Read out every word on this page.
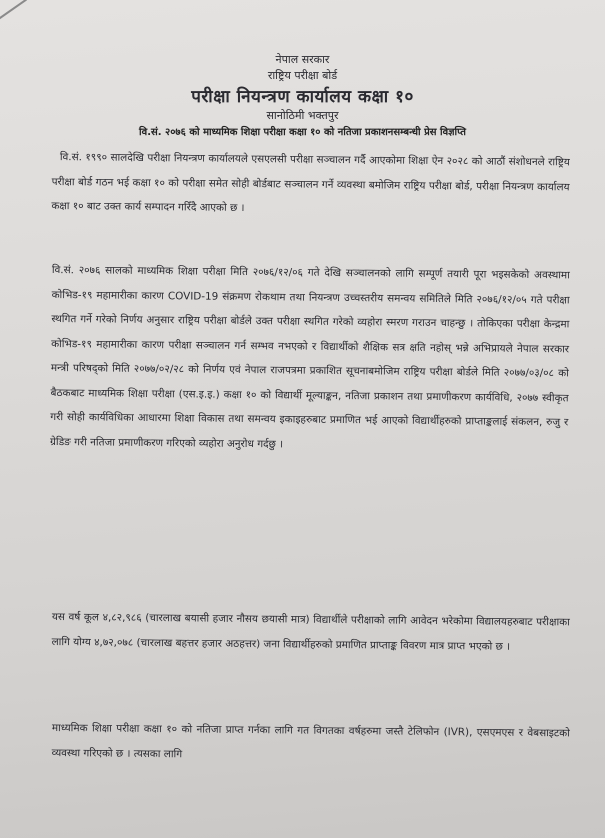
नेपाल सरकार
राष्ट्रिय परीक्षा बोर्ड
परीक्षा नियन्त्रण कार्यालय कक्षा १०
सानोठिमी भक्तपुर
वि.सं. २०७६ को माध्यमिक शिक्षा परीक्षा कक्षा १० को नतिजा प्रकाशनसम्बन्धी प्रेस विज्ञप्ति
वि.सं. १९९० सालदेखि परीक्षा नियन्त्रण कार्यालयले एसएलसी परीक्षा सञ्चालन गर्दै आएकोमा शिक्षा ऐन २०२८ को आठौं संशोधनले राष्ट्रिय परीक्षा बोर्ड गठन भई कक्षा १० को परीक्षा समेत सोही बोर्डबाट सञ्चालन गर्ने व्यवस्था बमोजिम राष्ट्रिय परीक्षा बोर्ड, परीक्षा नियन्त्रण कार्यालय कक्षा १० बाट उक्त कार्य सम्पादन गरिँदै आएको छ ।
वि.सं. २०७६ सालको माध्यमिक शिक्षा परीक्षा मिति २०७६/१२/०६ गते देखि सञ्चालनको लागि सम्पूर्ण तयारी पूरा भइसकेको अवस्थामा कोभिड-१९ महामारीका कारण COVID-19 संक्रमण रोकथाम तथा नियन्त्रण उच्चस्तरीय समन्वय समितिले मिति २०७६/१२/०५ गते परीक्षा स्थगित गर्ने गरेको निर्णय अनुसार राष्ट्रिय परीक्षा बोर्डले उक्त परीक्षा स्थगित गरेको व्यहोरा स्मरण गराउन चाहन्छु । तोकिएका परीक्षा केन्द्रमा कोभिड-१९ महामारीका कारण परीक्षा सञ्चालन गर्न सम्भव नभएको र विद्यार्थीको शैक्षिक सत्र क्षति नहोस् भन्ने अभिप्रायले नेपाल सरकार मन्त्री परिषद्को मिति २०७७/०२/२८ को निर्णय एवं नेपाल राजपत्रमा प्रकाशित सूचनाबमोजिम राष्ट्रिय परीक्षा बोर्डले मिति २०७७/०३/०८ को बैठकबाट माध्यमिक शिक्षा परीक्षा (एस.इ.इ.) कक्षा १० को विद्यार्थी मूल्याङ्कन, नतिजा प्रकाशन तथा प्रमाणीकरण कार्यविधि, २०७७ स्वीकृत गरी सोही कार्यविधिका आधारमा शिक्षा विकास तथा समन्वय इकाइहरुबाट प्रमाणित भई आएको विद्यार्थीहरुको प्राप्ताङ्कलाई संकलन, रुजु र ग्रेडिङ गरी नतिजा प्रमाणीकरण गरिएको व्यहोरा अनुरोध गर्दछु ।
यस वर्ष कूल ४,८२,९८६ (चारलाख बयासी हजार नौसय छयासी मात्र) विद्यार्थीले परीक्षाको लागि आवेदन भरेकोमा विद्यालयहरुबाट परीक्षाका लागि योग्य ४,७२,०७८ (चारलाख बहत्तर हजार अठहत्तर) जना विद्यार्थीहरुको प्रमाणित प्राप्ताङ्क विवरण मात्र प्राप्त भएको छ ।
माध्यमिक शिक्षा परीक्षा कक्षा १० को नतिजा प्राप्त गर्नका लागि गत विगतका वर्षहरुमा जस्तै टेलिफोन (IVR), एसएमएस र वेबसाइटको व्यवस्था गरिएको छ । त्यसका लागि
